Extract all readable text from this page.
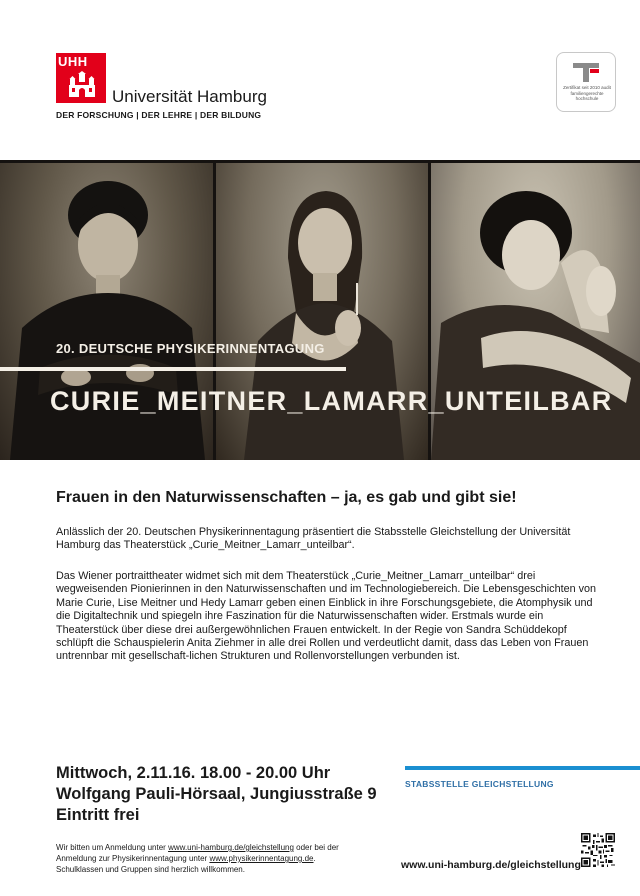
UHH
Universität Hamburg
DER FORSCHUNG | DER LEHRE | DER BILDUNG
Zertifikat seit 2010 audit familiengerechte hochschule
20. DEUTSCHE PHYSIKERINNENTAGUNG
CURIE_MEITNER_LAMARR_UNTEILBAR
Frauen in den Naturwissenschaften – ja, es gab und gibt sie!

Anlässlich der 20. Deutschen Physikerinnentagung präsentiert die Stabsstelle Gleichstellung der Universität Hamburg das Theaterstück „Curie_Meitner_Lamarr_unteilbar“.

Das Wiener portraittheater widmet sich mit dem Theaterstück „Curie_Meitner_Lamarr_unteilbar“ drei wegweisenden Pionierinnen in den Naturwissenschaften und im Technologiebereich. Die Lebensgeschichten von Marie Curie, Lise Meitner und Hedy Lamarr geben einen Einblick in ihre Forschungsgebiete, die Atomphysik und die Digitaltechnik und spiegeln ihre Faszination für die Naturwissenschaften wider. Erstmals wurde ein Theaterstück über diese drei außergewöhnlichen Frauen entwickelt. In der Regie von Sandra Schüddekopf schlüpft die Schauspielerin Anita Ziehmer in alle drei Rollen und verdeutlicht damit, dass das Leben von Frauen untrennbar mit gesellschaft-lichen Strukturen und Rollenvorstellungen verbunden ist.

Mittwoch, 2.11.16. 18.00 - 20.00 Uhr
Wolfgang Pauli-Hörsaal, Jungiusstraße 9
Eintritt frei
STABSSTELLE GLEICHSTELLUNG
Wir bitten um Anmeldung unter www.uni-hamburg.de/gleichstellung oder bei der
Anmeldung zur Physikerinnentagung unter www.physikerinnentagung.de.
Schulklassen und Gruppen sind herzlich willkommen.	www.uni-hamburg.de/gleichstellung
